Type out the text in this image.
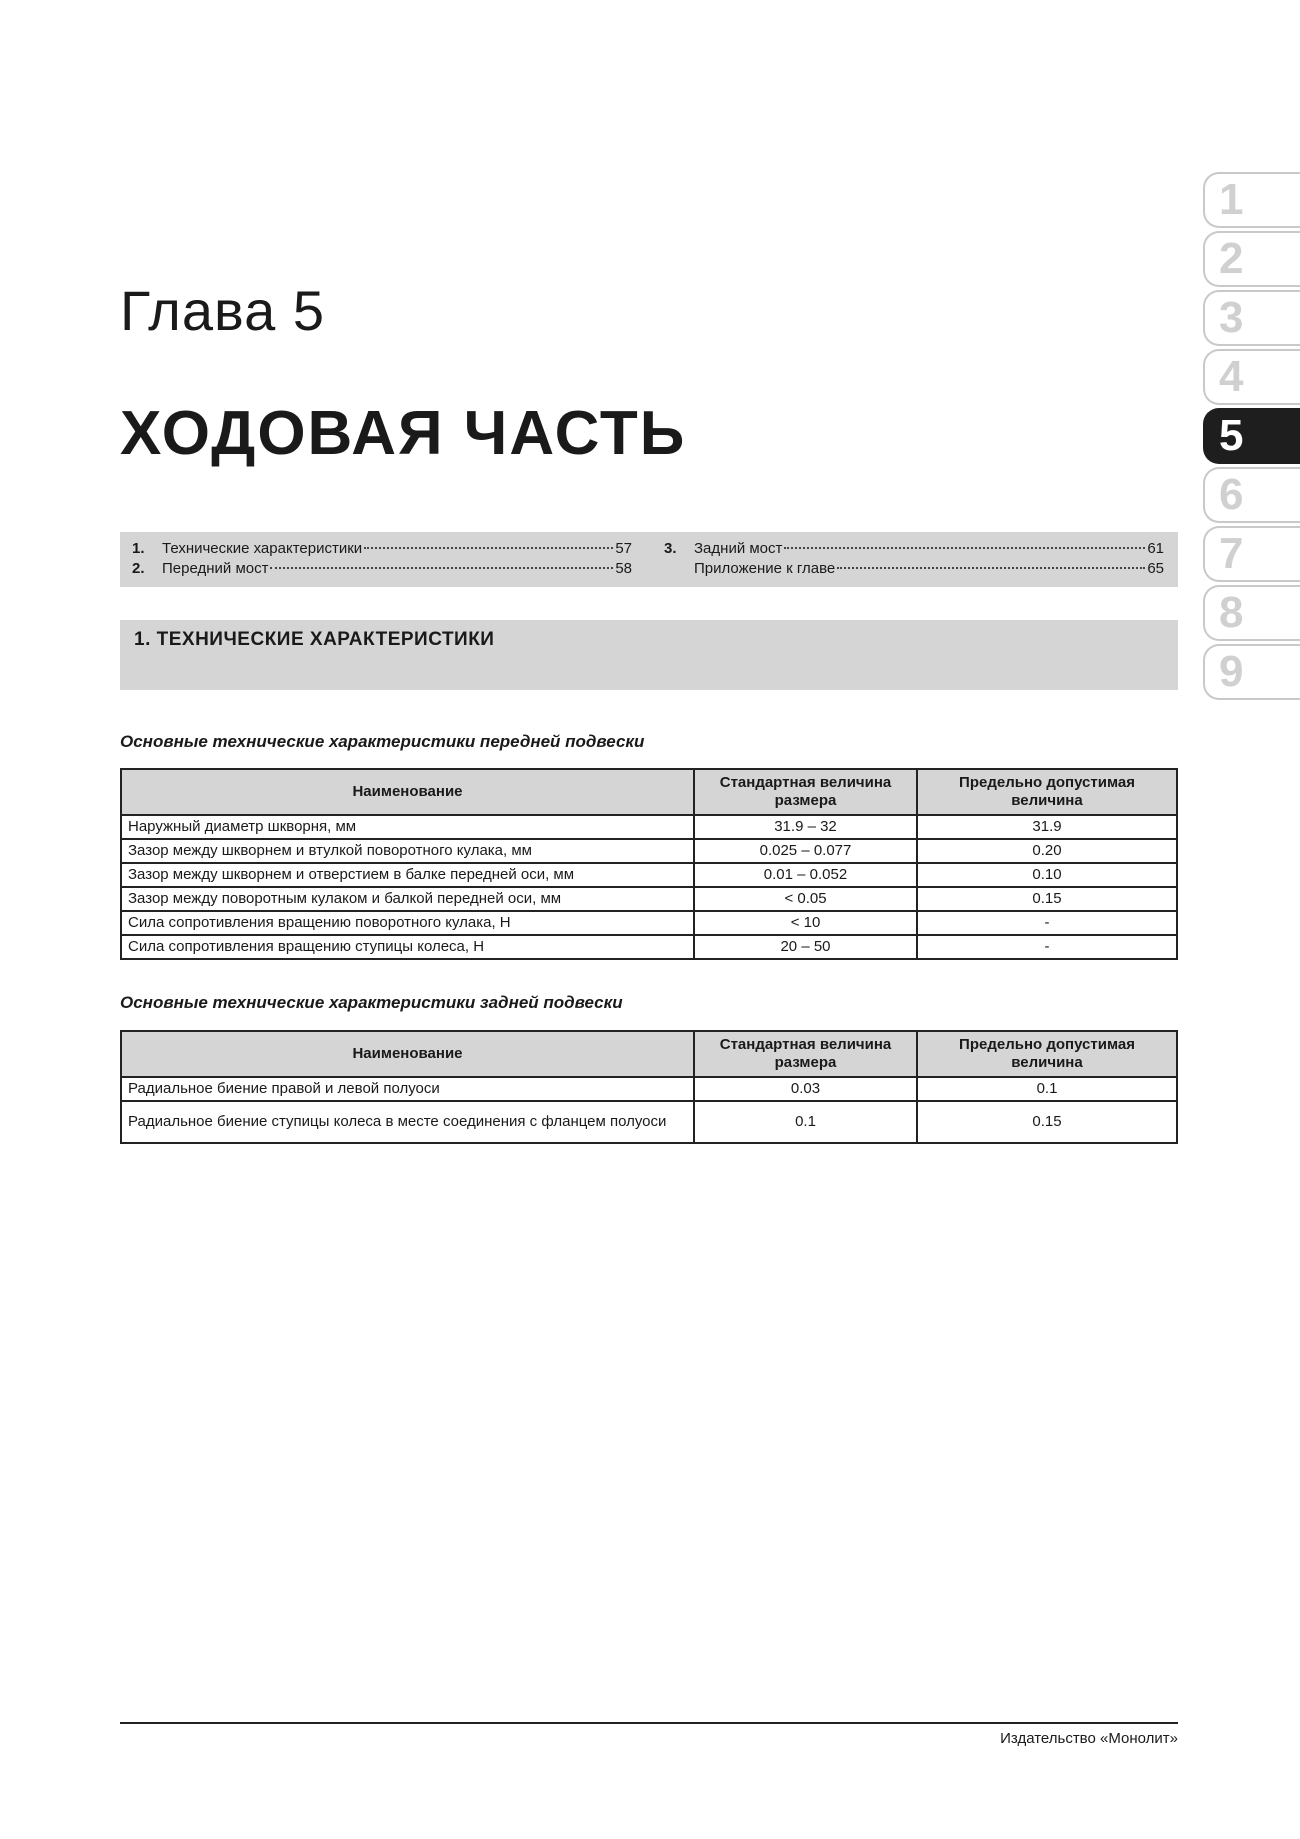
Глава 5
ХОДОВАЯ ЧАСТЬ
1
2
3
4
5
6
7
8
9
1.	Технические характеристики	57
2.	Передний мост	58
3.	Задний мост	61
Приложение к главе	65
1. ТЕХНИЧЕСКИЕ ХАРАКТЕРИСТИКИ
Основные технические характеристики передней подвески
Наименование	Стандартная величина размера	Предельно допустимая величина
Наружный диаметр шкворня, мм	31.9 – 32	31.9
Зазор между шкворнем и втулкой поворотного кулака, мм	0.025 – 0.077	0.20
Зазор между шкворнем и отверстием в балке передней оси, мм	0.01 – 0.052	0.10
Зазор между поворотным кулаком и балкой передней оси, мм	< 0.05	0.15
Сила сопротивления вращению поворотного кулака, Н	< 10	-
Сила сопротивления вращению ступицы колеса, Н	20 – 50	-
Основные технические характеристики задней подвески
Наименование	Стандартная величина размера	Предельно допустимая величина
Радиальное биение правой и левой полуоси	0.03	0.1
Радиальное биение ступицы колеса в месте соединения с фланцем полуоси	0.1	0.15
Издательство «Монолит»
